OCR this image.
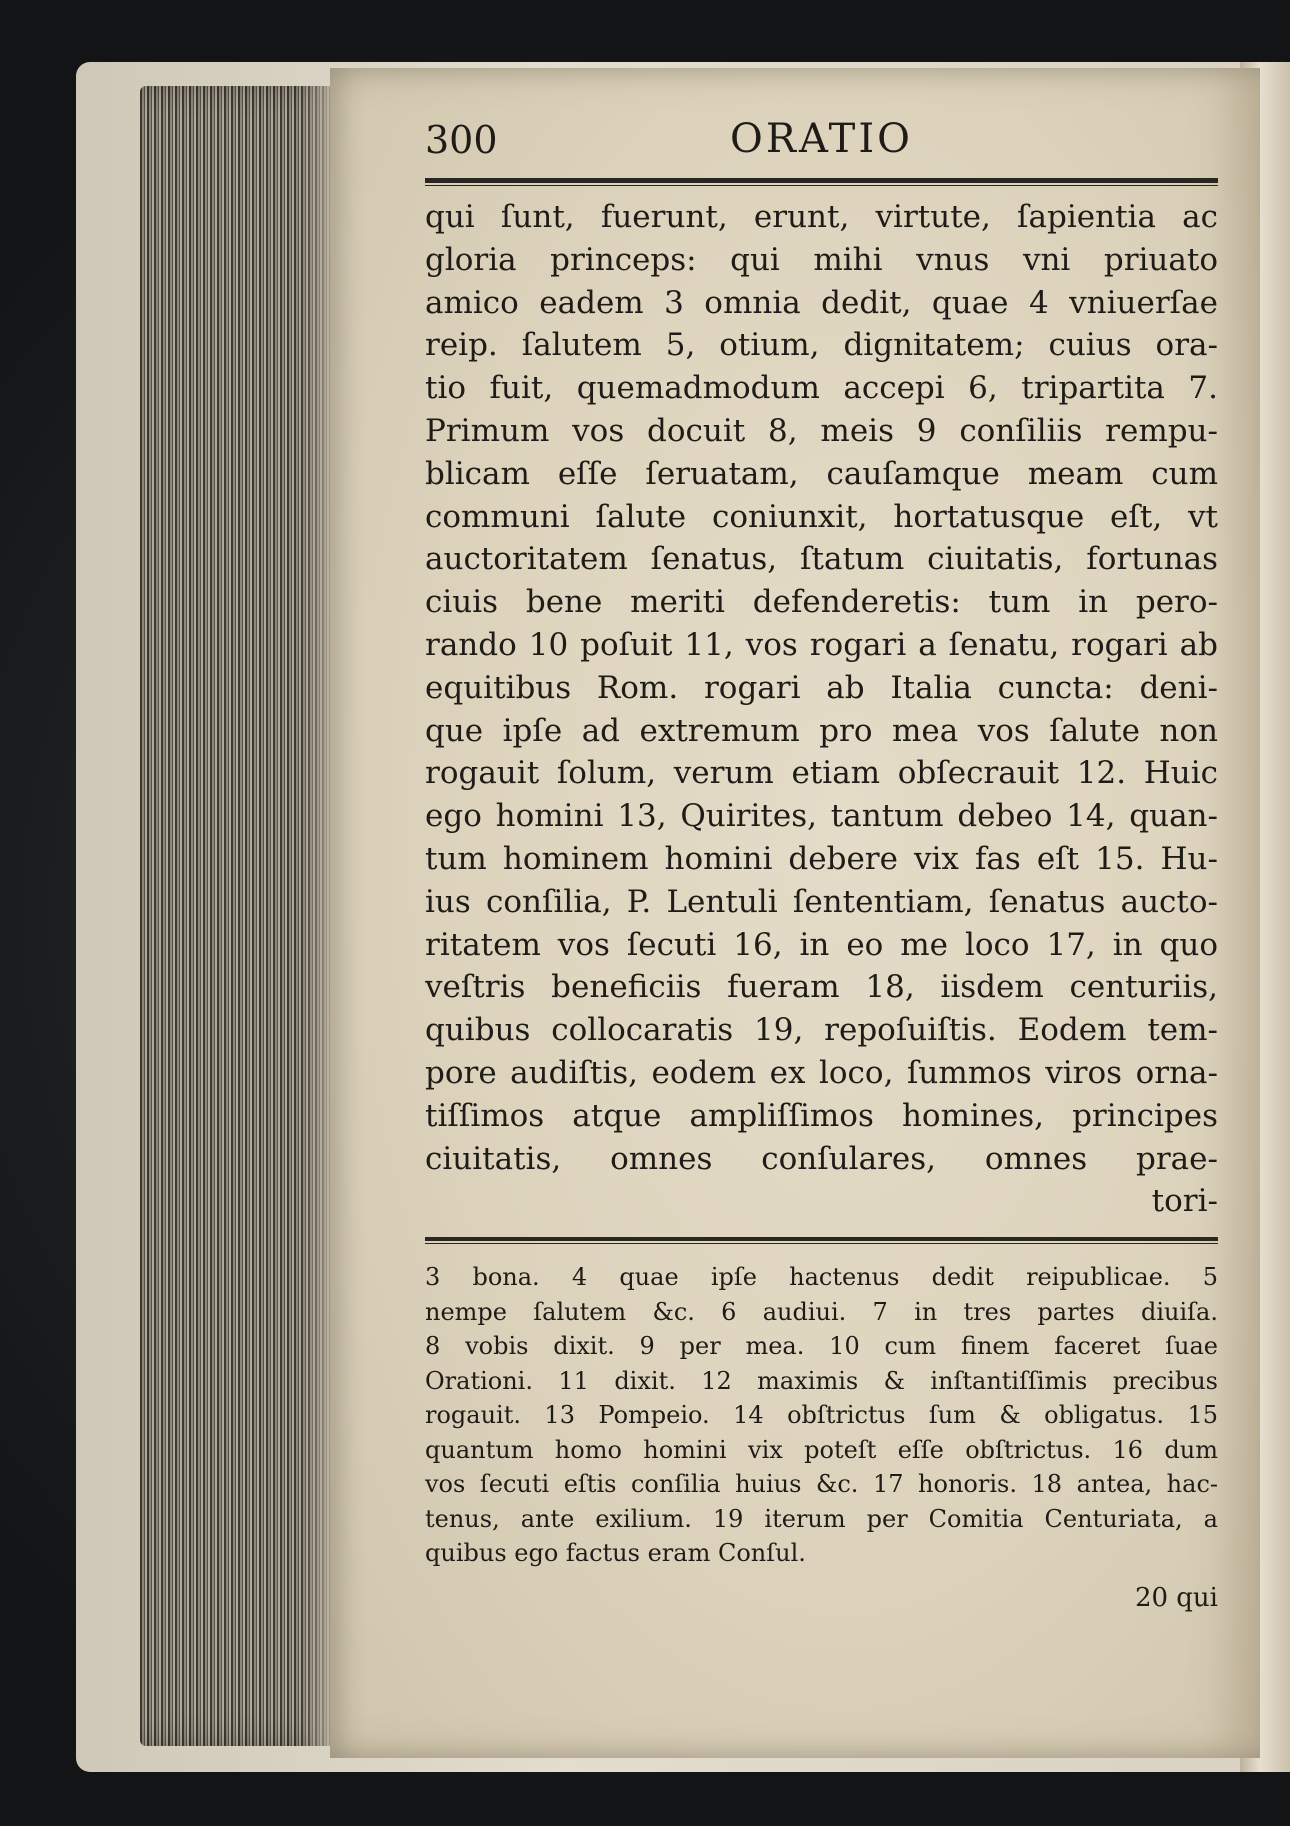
300	ORATIO
qui ſunt, fuerunt, erunt, virtute, ſapientia ac
gloria princeps: qui mihi vnus vni priuato
amico eadem 3 omnia dedit, quae 4 vniuerſae
reip. ſalutem 5, otium, dignitatem; cuius ora-
tio fuit, quemadmodum accepi 6, tripartita 7.
Primum vos docuit 8, meis 9 conſiliis rempu-
blicam eſſe ſeruatam, cauſamque meam cum
communi ſalute coniunxit, hortatusque eſt, vt
auctoritatem ſenatus, ſtatum ciuitatis, fortunas
ciuis bene meriti defenderetis: tum in pero-
rando 10 poſuit 11, vos rogari a ſenatu, rogari ab
equitibus Rom. rogari ab Italia cuncta: deni-
que ipſe ad extremum pro mea vos ſalute non
rogauit ſolum, verum etiam obſecrauit 12. Huic
ego homini 13, Quirites, tantum debeo 14, quan-
tum hominem homini debere vix fas eſt 15. Hu-
ius conſilia, P. Lentuli ſententiam, ſenatus aucto-
ritatem vos ſecuti 16, in eo me loco 17, in quo
veſtris beneficiis fueram 18, iisdem centuriis,
quibus collocaratis 19, repoſuiſtis. Eodem tem-
pore audiſtis, eodem ex loco, ſummos viros orna-
tiſſimos atque ampliſſimos homines, principes
ciuitatis, omnes conſulares, omnes prae-
tori-
3 bona. 4 quae ipſe hactenus dedit reipublicae. 5
nempe ſalutem &c. 6 audiui. 7 in tres partes diuiſa.
8 vobis dixit. 9 per mea. 10 cum finem faceret ſuae
Orationi. 11 dixit. 12 maximis & inſtantiſſimis precibus
rogauit. 13 Pompeio. 14 obſtrictus ſum & obligatus. 15
quantum homo homini vix poteſt eſſe obſtrictus. 16 dum
vos ſecuti eſtis conſilia huius &c. 17 honoris. 18 antea, hac-
tenus, ante exilium. 19 iterum per Comitia Centuriata, a
quibus ego factus eram Conſul.
20 qui
